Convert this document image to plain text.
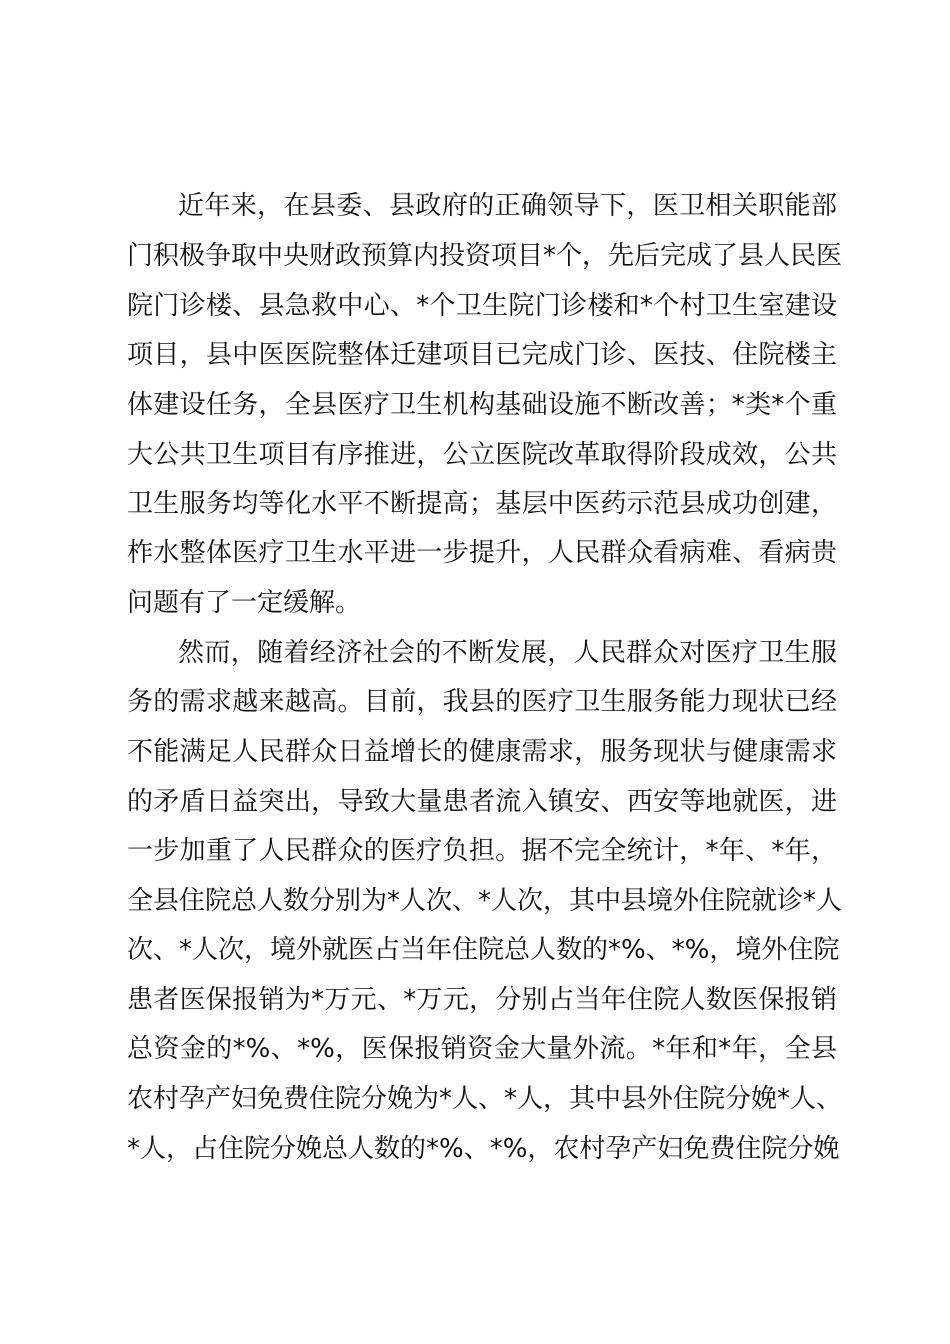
近年来，在县委、县政府的正确领导下，医卫相关职能部
门积极争取中央财政预算内投资项目*个，先后完成了县人民医
院门诊楼、县急救中心、*个卫生院门诊楼和*个村卫生室建设
项目，县中医医院整体迁建项目已完成门诊、医技、住院楼主
体建设任务，全县医疗卫生机构基础设施不断改善；*类*个重
大公共卫生项目有序推进，公立医院改革取得阶段成效，公共
卫生服务均等化水平不断提高；基层中医药示范县成功创建，
柞水整体医疗卫生水平进一步提升，人民群众看病难、看病贵
问题有了一定缓解。
然而，随着经济社会的不断发展，人民群众对医疗卫生服
务的需求越来越高。目前，我县的医疗卫生服务能力现状已经
不能满足人民群众日益增长的健康需求，服务现状与健康需求
的矛盾日益突出，导致大量患者流入镇安、西安等地就医，进
一步加重了人民群众的医疗负担。据不完全统计，*年、*年，
全县住院总人数分别为*人次、*人次，其中县境外住院就诊*人
次、*人次，境外就医占当年住院总人数的*%、*%，境外住院
患者医保报销为*万元、*万元，分别占当年住院人数医保报销
总资金的*%、*%，医保报销资金大量外流。*年和*年，全县
农村孕产妇免费住院分娩为*人、*人，其中县外住院分娩*人、
*人，占住院分娩总人数的*%、*%，农村孕产妇免费住院分娩
